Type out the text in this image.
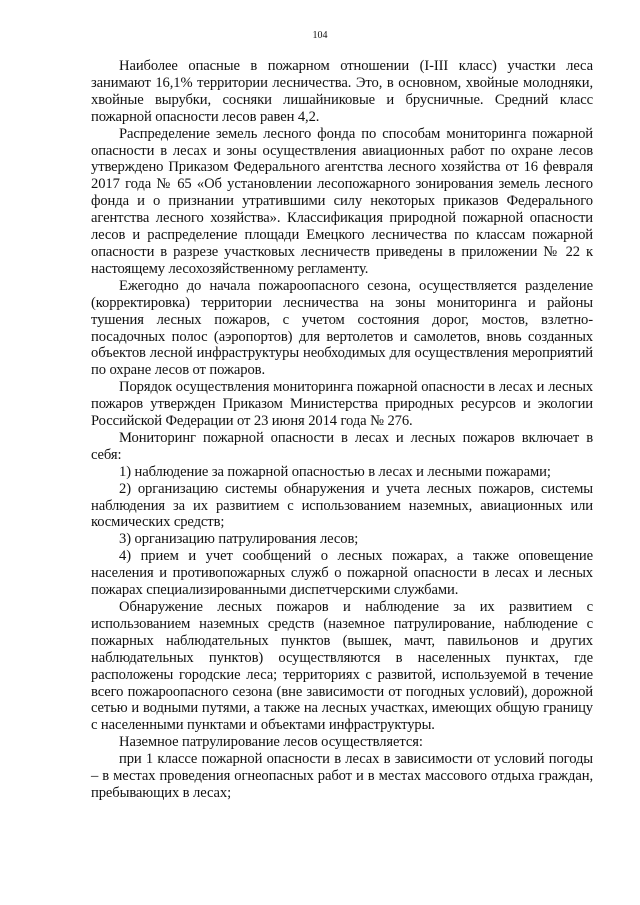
104

Наиболее опасные в пожарном отношении (I-III класс) участки леса занимают 16,1% территории лесничества. Это, в основном, хвойные молодняки, хвойные вырубки, сосняки лишайниковые и брусничные. Средний класс пожарной опасности лесов равен 4,2.

Распределение земель лесного фонда по способам мониторинга пожарной опасности в лесах и зоны осуществления авиационных работ по охране лесов утверждено Приказом Федерального агентства лесного хозяйства от 16 февраля 2017 года № 65 «Об установлении лесопожарного зонирования земель лесного фонда и о признании утратившими силу некоторых приказов Федерального агентства лесного хозяйства». Классификация природной пожарной опасности лесов и распределение площади Емецкого лесничества по классам пожарной опасности в разрезе участковых лесничеств приведены в приложении № 22 к настоящему лесохозяйственному регламенту.

Ежегодно до начала пожароопасного сезона, осуществляется разделение (корректировка) территории лесничества на зоны мониторинга и районы тушения лесных пожаров, с учетом состояния дорог, мостов, взлетно-посадочных полос (аэропортов) для вертолетов и самолетов, вновь созданных объектов лесной инфраструктуры необходимых для осуществления мероприятий по охране лесов от пожаров.

Порядок осуществления мониторинга пожарной опасности в лесах и лесных пожаров утвержден Приказом Министерства природных ресурсов и экологии Российской Федерации от 23 июня 2014 года № 276.

Мониторинг пожарной опасности в лесах и лесных пожаров включает в себя:

1) наблюдение за пожарной опасностью в лесах и лесными пожарами;

2) организацию системы обнаружения и учета лесных пожаров, системы наблюдения за их развитием с использованием наземных, авиационных или космических средств;

3) организацию патрулирования лесов;

4) прием и учет сообщений о лесных пожарах, а также оповещение населения и противопожарных служб о пожарной опасности в лесах и лесных пожарах специализированными диспетчерскими службами.

Обнаружение лесных пожаров и наблюдение за их развитием с использованием наземных средств (наземное патрулирование, наблюдение с пожарных наблюдательных пунктов (вышек, мачт, павильонов и других наблюдательных пунктов) осуществляются в населенных пунктах, где расположены городские леса; территориях с развитой, используемой в течение всего пожароопасного сезона (вне зависимости от погодных условий), дорожной сетью и водными путями, а также на лесных участках, имеющих общую границу с населенными пунктами и объектами инфраструктуры.

Наземное патрулирование лесов осуществляется:

при 1 классе пожарной опасности в лесах в зависимости от условий погоды – в местах проведения огнеопасных работ и в местах массового отдыха граждан, пребывающих в лесах;
